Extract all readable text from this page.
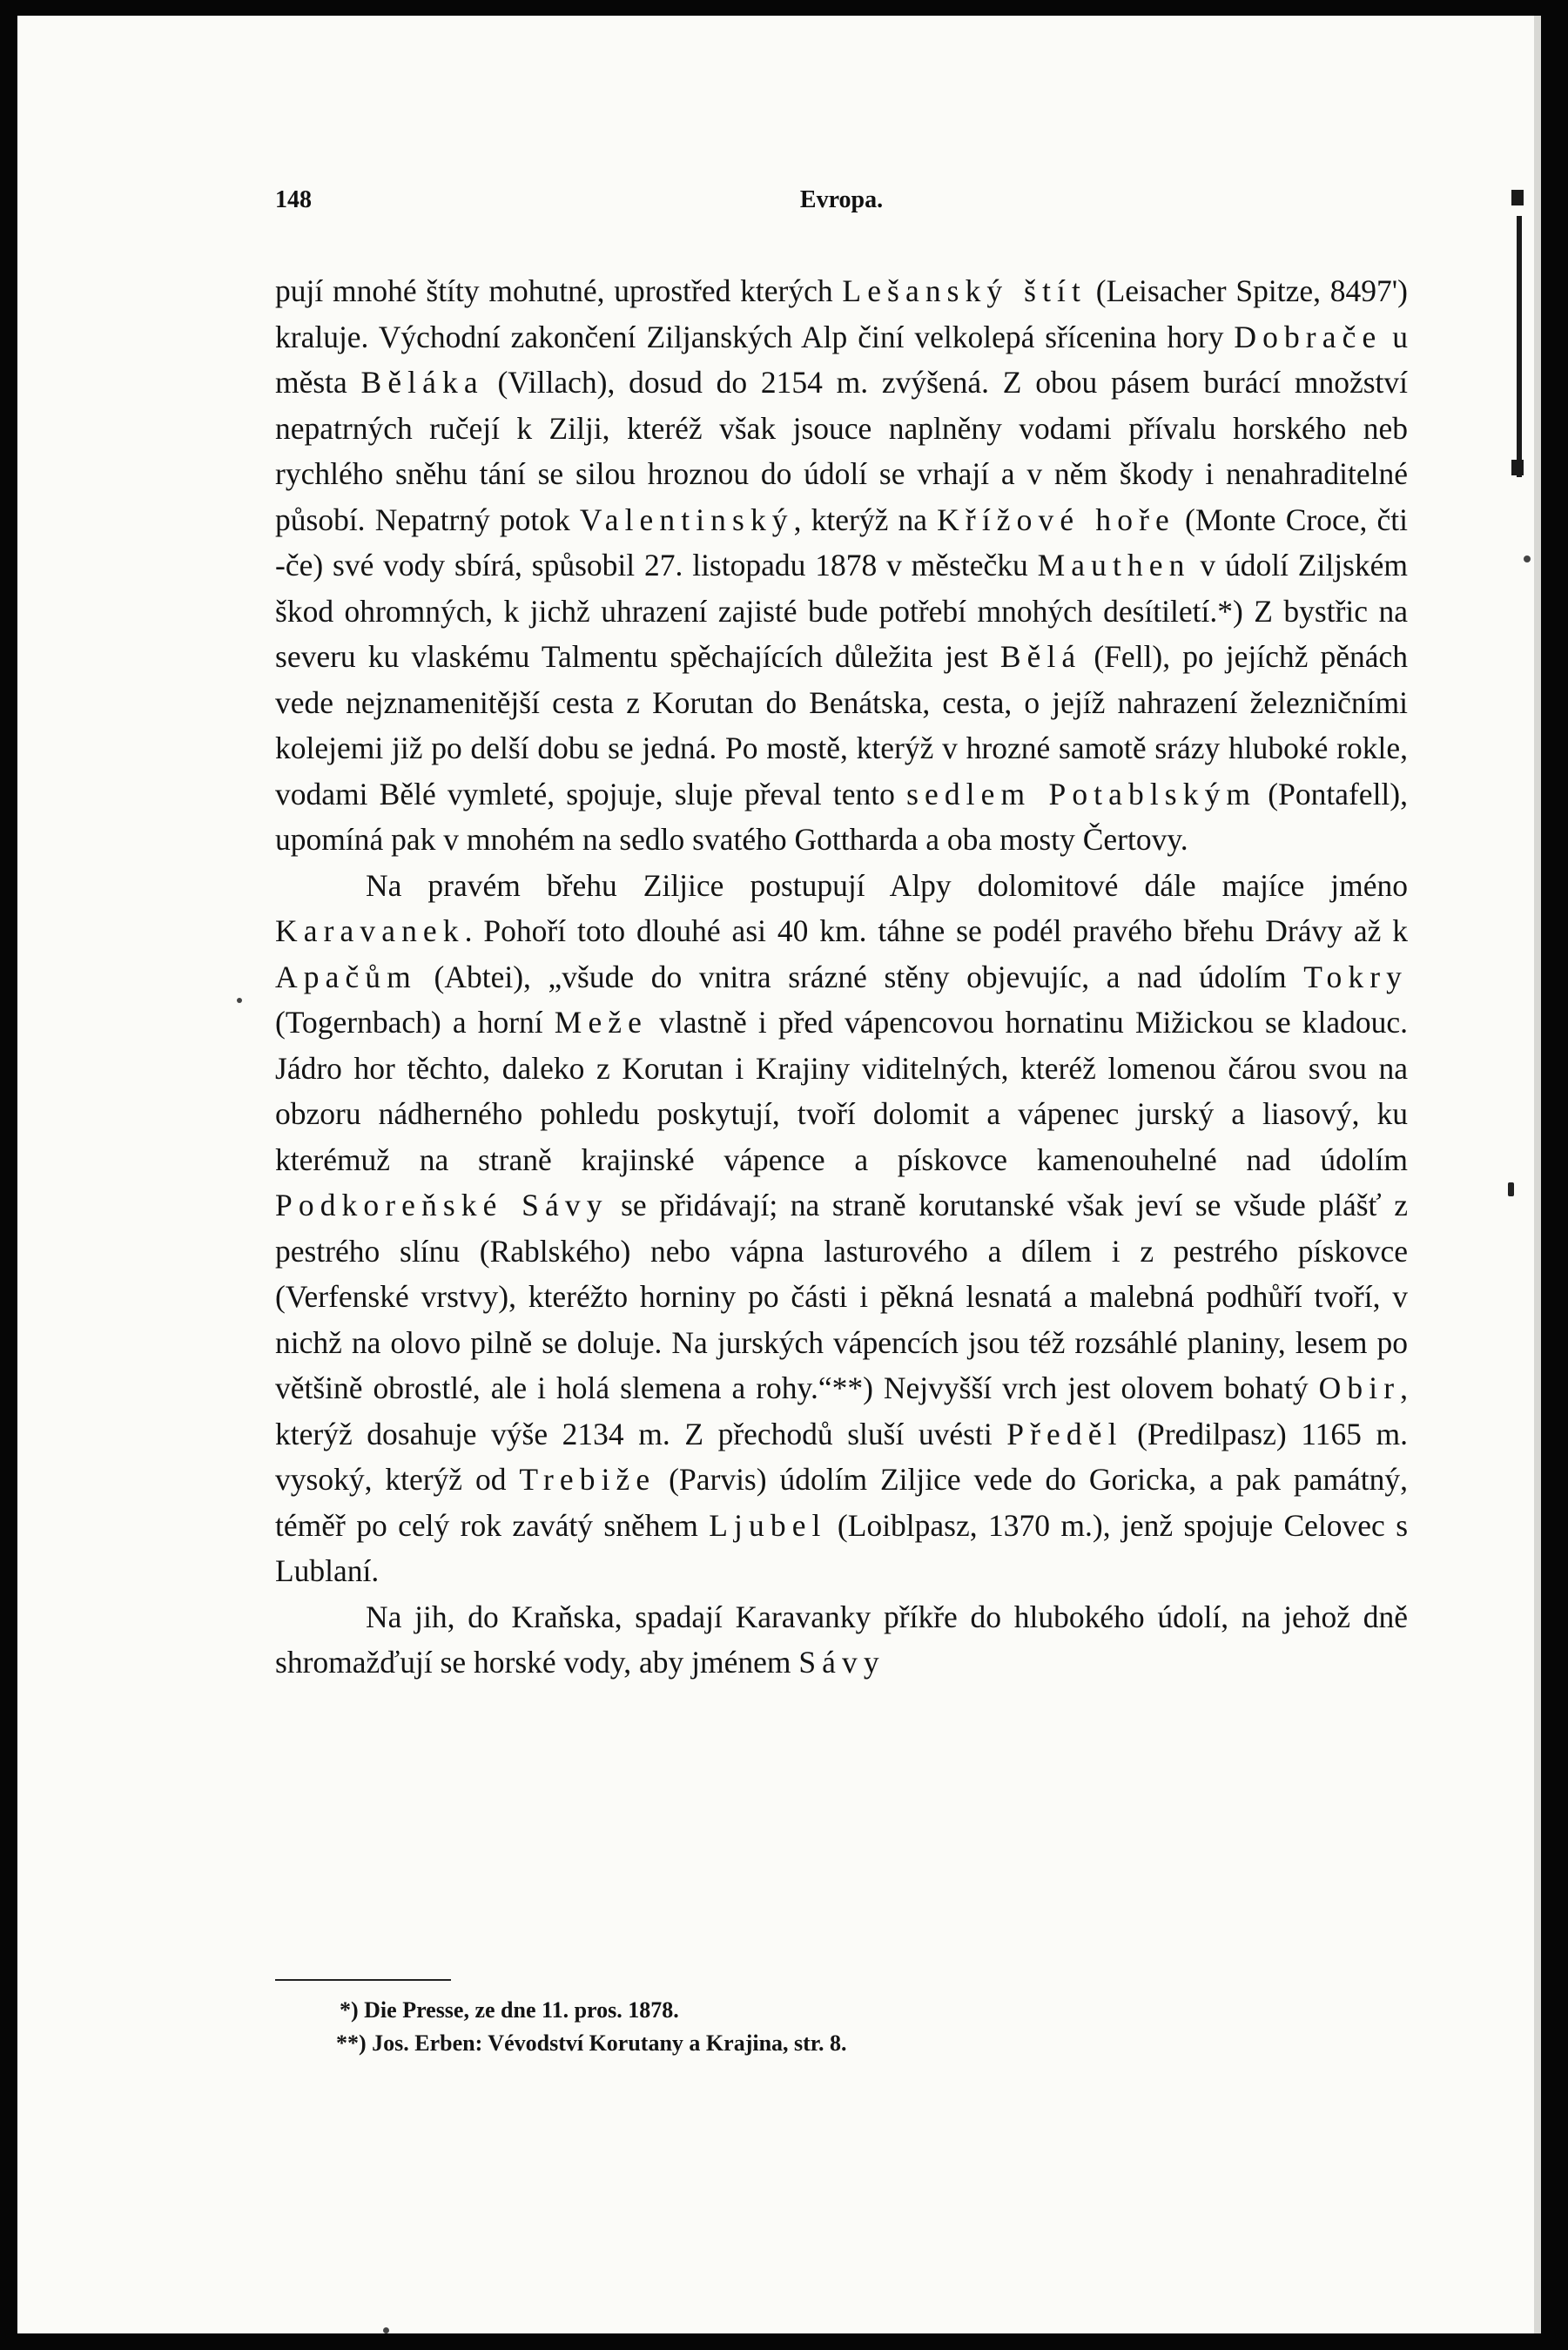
148	Evropa.

pují mnohé štíty mohutné, uprostřed kterých Lešanský štít (Leisacher Spitze, 8497') kraluje. Východní zakončení Ziljanských Alp činí velkolepá sřícenina hory Dobrače u města Běláka (Villach), dosud do 2154 m. zvýšená. Z obou pásem burácí množství nepatrných ručejí k Zilji, kteréž však jsouce naplněny vodami přívalu horského neb rychlého sněhu tání se silou hroznou do údolí se vrhají a v něm škody i nenahraditelné působí. Nepatrný potok Valentinský, kterýž na Křížové hoře (Monte Croce, čti -če) své vody sbírá, spůsobil 27. listopadu 1878 v městečku Mauthen v údolí Ziljském škod ohromných, k jichž uhrazení zajisté bude potřebí mnohých desítiletí.*) Z bystřic na severu ku vlaskému Talmentu spěchajících důležita jest Bělá (Fell), po jejíchž pěnách vede nejznamenitější cesta z Korutan do Benátska, cesta, o jejíž nahrazení železničními kolejemi již po delší dobu se jedná. Po mostě, kterýž v hrozné samotě srázy hluboké rokle, vodami Bělé vymleté, spojuje, sluje převal tento sedlem Potablským (Pontafell), upomíná pak v mnohém na sedlo svatého Gottharda a oba mosty Čertovy.

Na pravém břehu Ziljice postupují Alpy dolomitové dále majíce jméno Karavanek. Pohoří toto dlouhé asi 40 km. táhne se podél pravého břehu Drávy až k Apačům (Abtei), „všude do vnitra srázné stěny objevujíc, a nad údolím Tokry (Togernbach) a horní Meže vlastně i před vápencovou hornatinu Mižickou se kladouc. Jádro hor těchto, daleko z Korutan i Krajiny viditelných, kteréž lomenou čárou svou na obzoru nádherného pohledu poskytují, tvoří dolomit a vápenec jurský a liasový, ku kterémuž na straně krajinské vápence a pískovce kamenouhelné nad údolím Podkoreňské Sávy se přidávají; na straně korutanské však jeví se všude plášť z pestrého slínu (Rablského) nebo vápna lasturového a dílem i z pestrého pískovce (Verfenské vrstvy), kteréžto horniny po části i pěkná lesnatá a malebná podhůří tvoří, v nichž na olovo pilně se doluje. Na jurských vápencích jsou též rozsáhlé planiny, lesem po většině obrostlé, ale i holá slemena a rohy.“**) Nejvyšší vrch jest olovem bohatý Obir, kterýž dosahuje výše 2134 m. Z přechodů sluší uvésti Předěl (Predilpasz) 1165 m. vysoký, kterýž od Trebiže (Parvis) údolím Ziljice vede do Goricka, a pak památný, téměř po celý rok zavátý sněhem Ljubel (Loiblpasz, 1370 m.), jenž spojuje Celovec s Lublaní.

Na jih, do Kraňska, spadají Karavanky příkře do hlubokého údolí, na jehož dně shromažďují se horské vody, aby jménem Sávy

*) Die Presse, ze dne 11. pros. 1878.
**) Jos. Erben: Vévodství Korutany a Krajina, str. 8.
